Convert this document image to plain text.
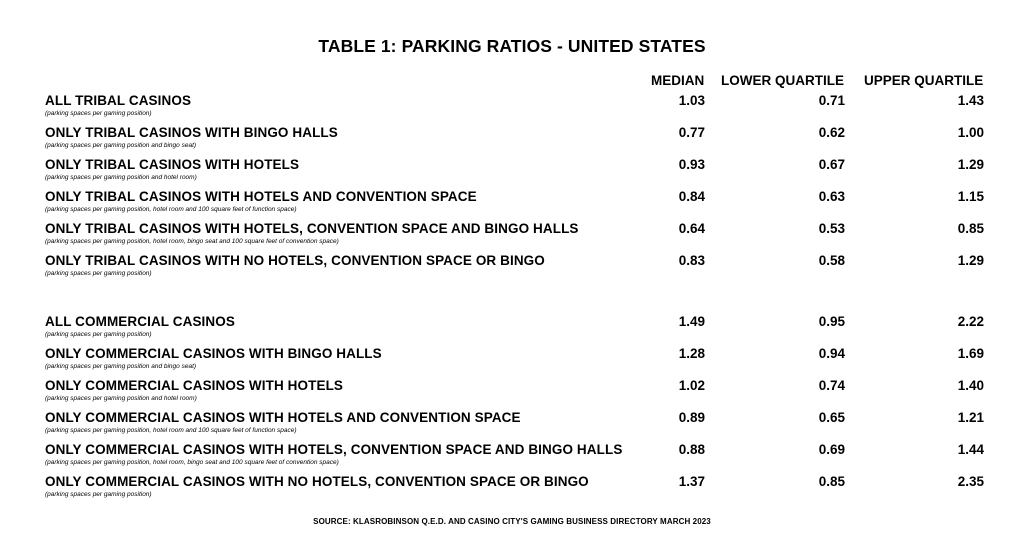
TABLE 1: PARKING RATIOS - UNITED STATES
MEDIAN LOWER QUARTILE UPPER QUARTILE
ALL TRIBAL CASINOS
(parking spaces per gaming position)
1.03	0.71	1.43
ONLY TRIBAL CASINOS WITH BINGO HALLS
(parking spaces per gaming position and bingo seat)
0.77	0.62	1.00
ONLY TRIBAL CASINOS WITH HOTELS
(parking spaces per gaming position and hotel room)
0.93	0.67	1.29
ONLY TRIBAL CASINOS WITH HOTELS AND CONVENTION SPACE
(parking spaces per gaming position, hotel room and 100 square feet of function space)
0.84	0.63	1.15
ONLY TRIBAL CASINOS WITH HOTELS, CONVENTION SPACE AND BINGO HALLS
(parking spaces per gaming position, hotel room, bingo seat and 100 square feet of convention space)
0.64	0.53	0.85
ONLY TRIBAL CASINOS WITH NO HOTELS, CONVENTION SPACE OR BINGO
(parking spaces per gaming position)
0.83	0.58	1.29
ALL COMMERCIAL CASINOS
(parking spaces per gaming position)
1.49	0.95	2.22
ONLY COMMERCIAL CASINOS WITH BINGO HALLS
(parking spaces per gaming position and bingo seat)
1.28	0.94	1.69
ONLY COMMERCIAL CASINOS WITH HOTELS
(parking spaces per gaming position and hotel room)
1.02	0.74	1.40
ONLY COMMERCIAL CASINOS WITH HOTELS AND CONVENTION SPACE
(parking spaces per gaming position, hotel room and 100 square feet of function space)
0.89	0.65	1.21
ONLY COMMERCIAL CASINOS WITH HOTELS, CONVENTION SPACE AND BINGO HALLS
(parking spaces per gaming position, hotel room, bingo seat and 100 square feet of convention space)
0.88	0.69	1.44
ONLY COMMERCIAL CASINOS WITH NO HOTELS, CONVENTION SPACE OR BINGO
(parking spaces per gaming position)
1.37	0.85	2.35
SOURCE: KLASROBINSON Q.E.D. AND CASINO CITY'S GAMING BUSINESS DIRECTORY MARCH 2023
